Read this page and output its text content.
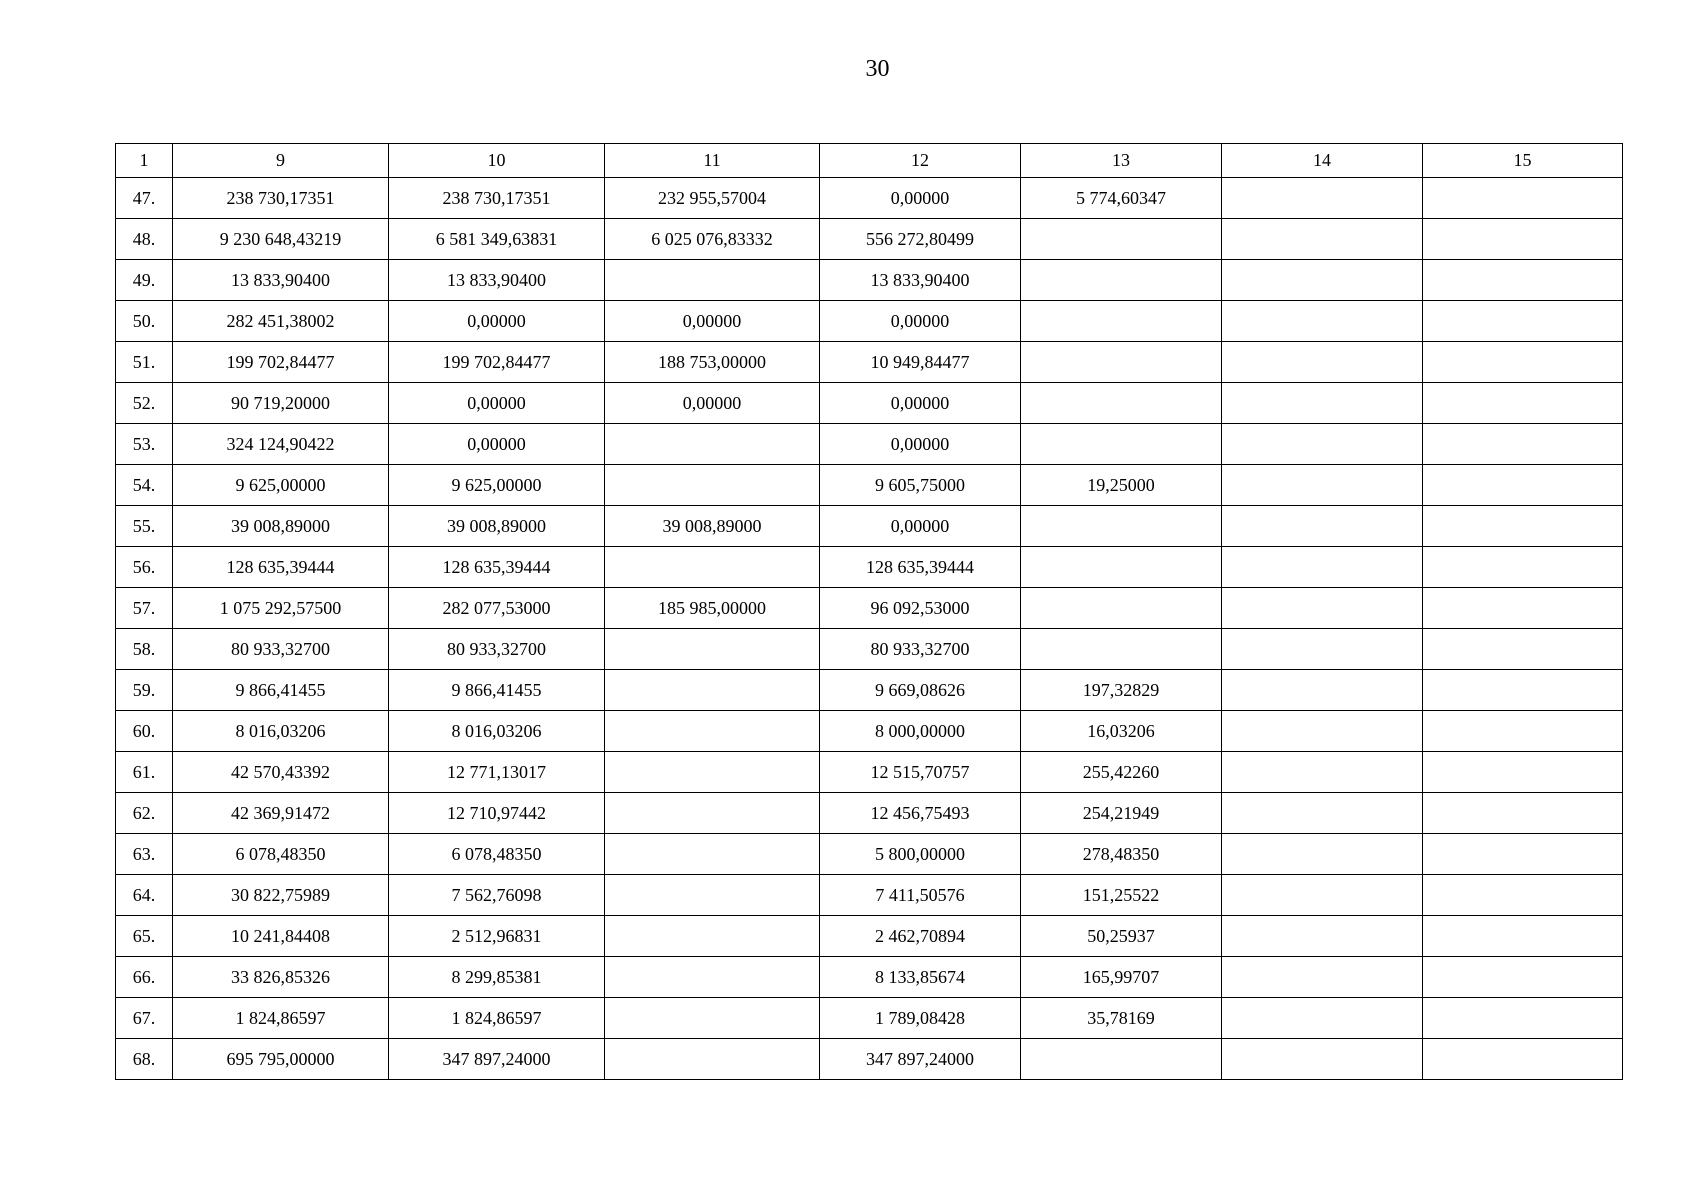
30
1	9	10	11	12	13	14	15
47.	238 730,17351	238 730,17351	232 955,57004	0,00000	5 774,60347		
48.	9 230 648,43219	6 581 349,63831	6 025 076,83332	556 272,80499			
49.	13 833,90400	13 833,90400		13 833,90400			
50.	282 451,38002	0,00000	0,00000	0,00000			
51.	199 702,84477	199 702,84477	188 753,00000	10 949,84477			
52.	90 719,20000	0,00000	0,00000	0,00000			
53.	324 124,90422	0,00000		0,00000			
54.	9 625,00000	9 625,00000		9 605,75000	19,25000		
55.	39 008,89000	39 008,89000	39 008,89000	0,00000			
56.	128 635,39444	128 635,39444		128 635,39444			
57.	1 075 292,57500	282 077,53000	185 985,00000	96 092,53000			
58.	80 933,32700	80 933,32700		80 933,32700			
59.	9 866,41455	9 866,41455		9 669,08626	197,32829		
60.	8 016,03206	8 016,03206		8 000,00000	16,03206		
61.	42 570,43392	12 771,13017		12 515,70757	255,42260		
62.	42 369,91472	12 710,97442		12 456,75493	254,21949		
63.	6 078,48350	6 078,48350		5 800,00000	278,48350		
64.	30 822,75989	7 562,76098		7 411,50576	151,25522		
65.	10 241,84408	2 512,96831		2 462,70894	50,25937		
66.	33 826,85326	8 299,85381		8 133,85674	165,99707		
67.	1 824,86597	1 824,86597		1 789,08428	35,78169		
68.	695 795,00000	347 897,24000		347 897,24000			
